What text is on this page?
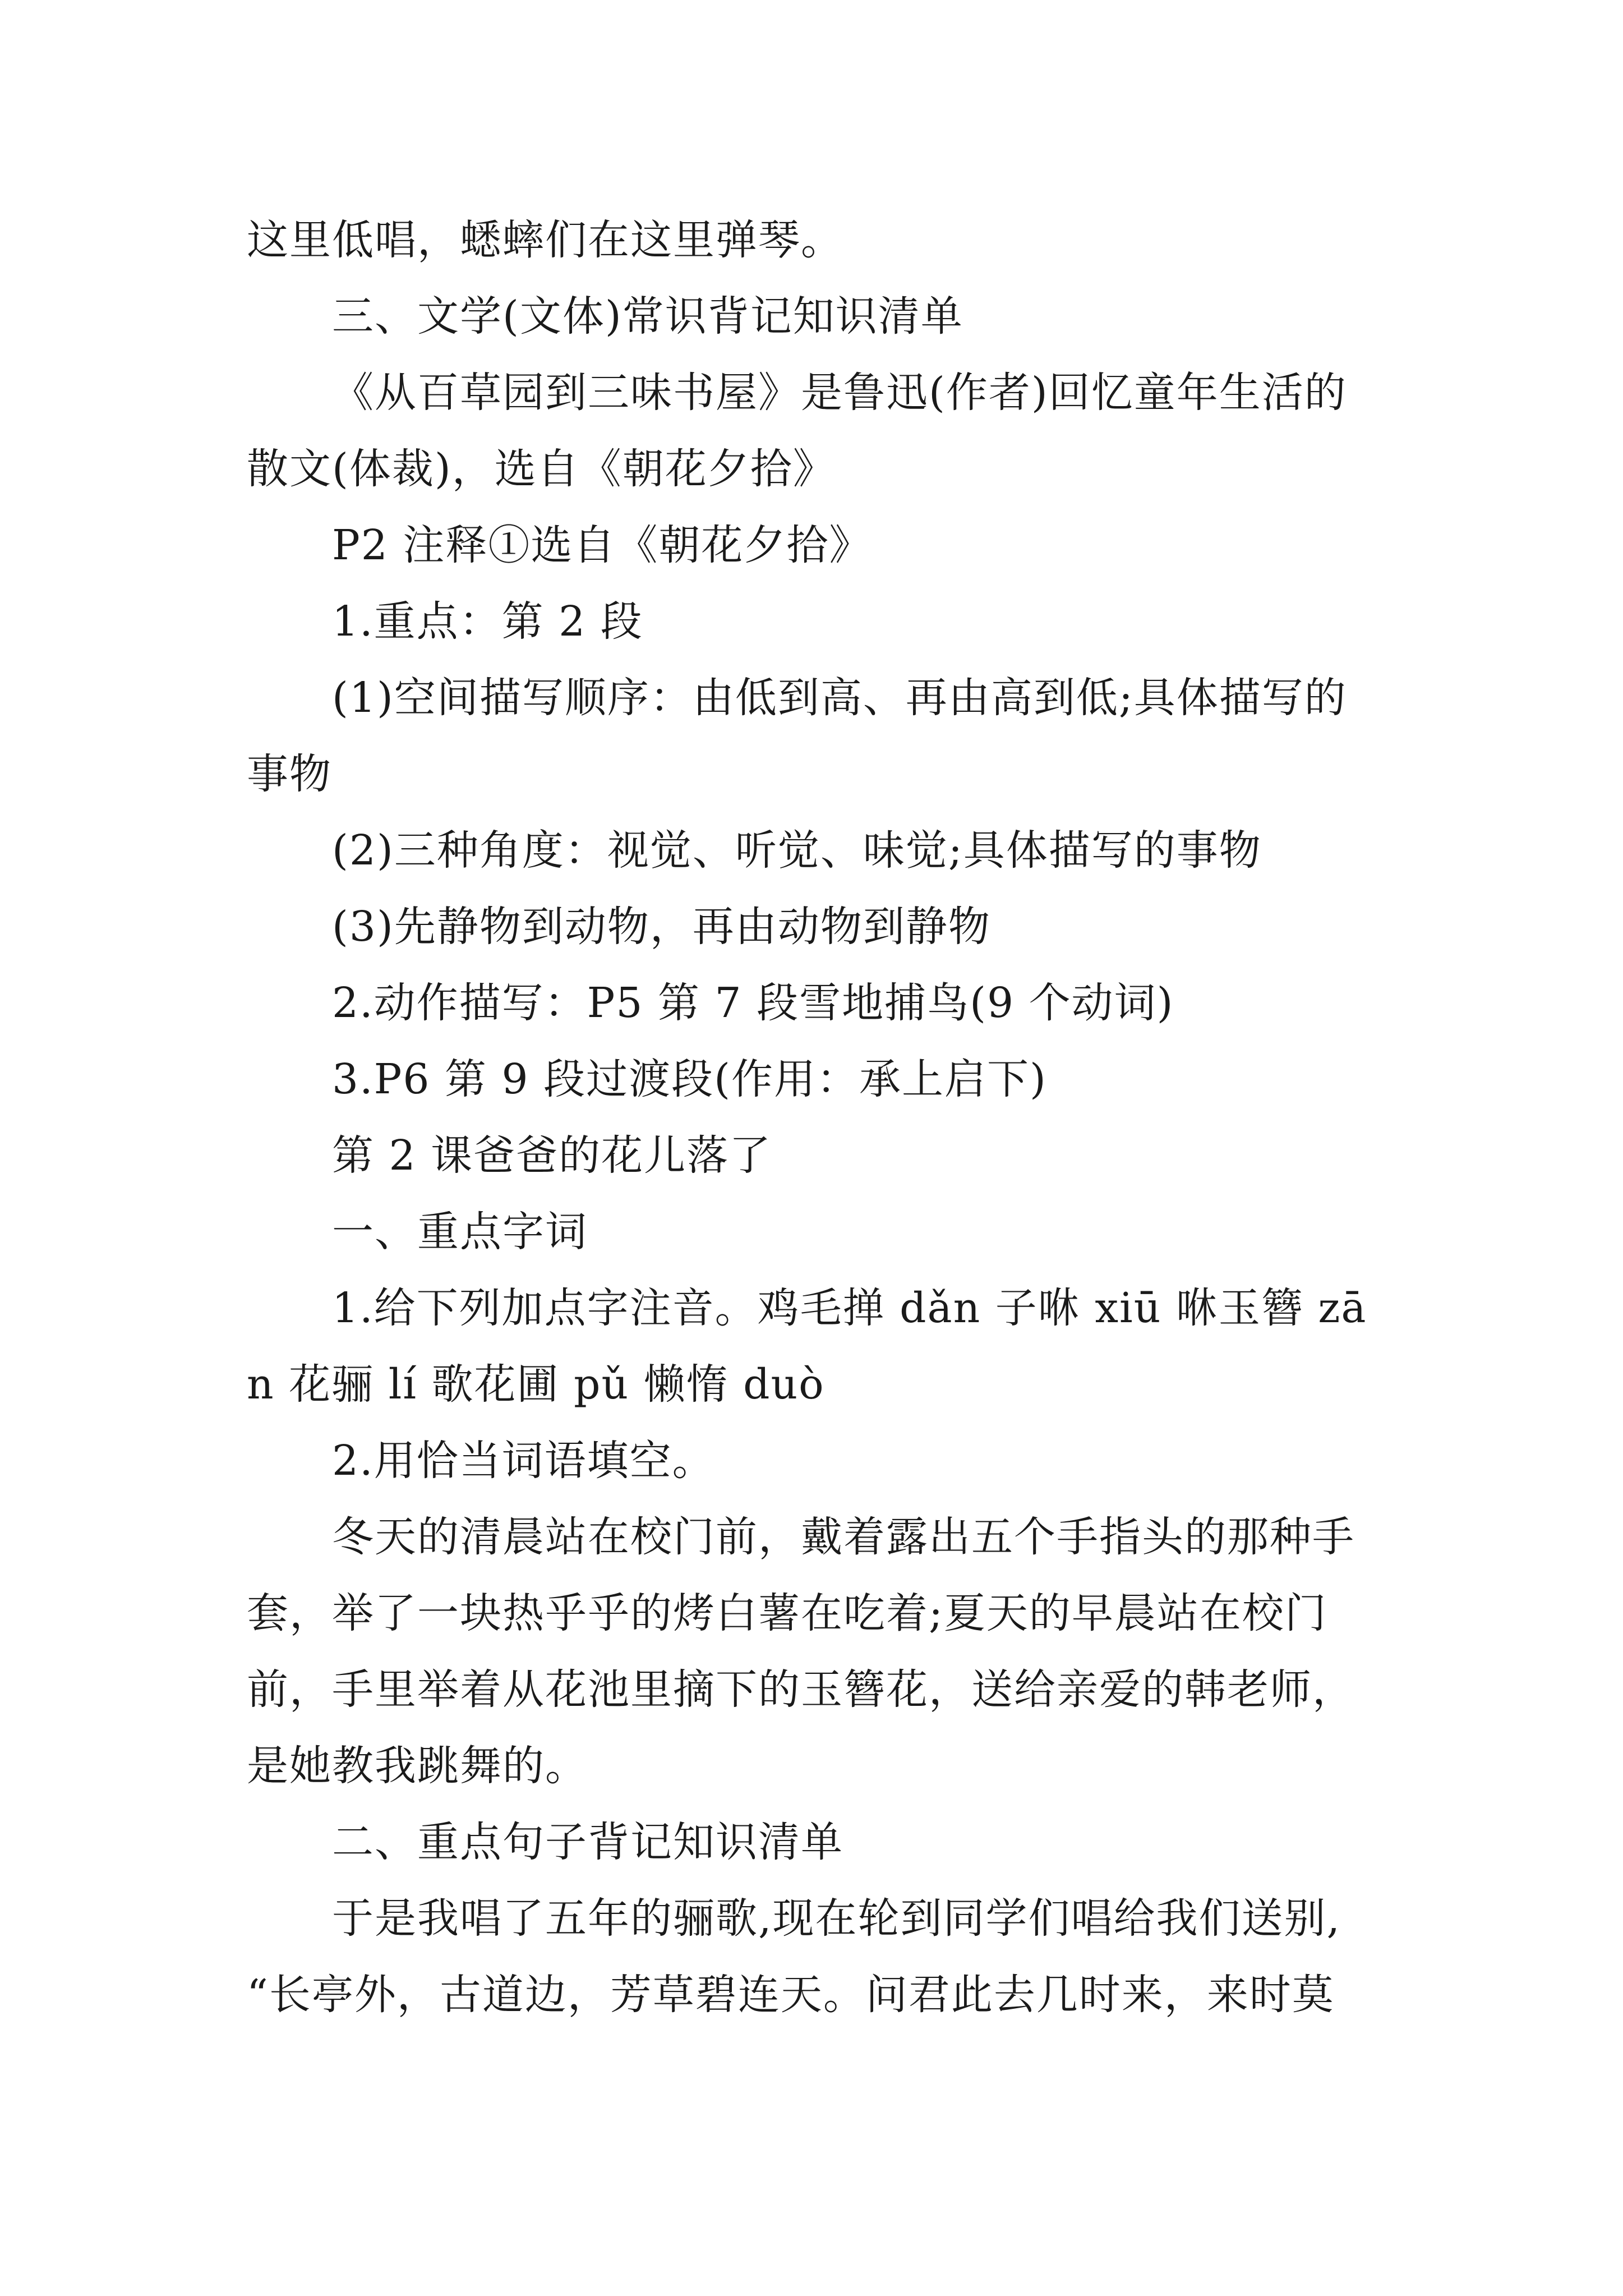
这里低唱，蟋蟀们在这里弹琴。
三、文学(文体)常识背记知识清单
《从百草园到三味书屋》是鲁迅(作者)回忆童年生活的
散文(体裁)，选自《朝花夕拾》
P2 注释①选自《朝花夕拾》
1.重点：第 2 段
(1)空间描写顺序：由低到高、再由高到低;具体描写的
事物
(2)三种角度：视觉、听觉、味觉;具体描写的事物
(3)先静物到动物，再由动物到静物
2.动作描写：P5 第 7 段雪地捕鸟(9 个动词)
3.P6 第 9 段过渡段(作用：承上启下)
第 2 课爸爸的花儿落了
一、重点字词
1.给下列加点字注音。鸡毛掸 dǎn 子咻 xiū 咻玉簪 zā
n 花骊 lí 歌花圃 pǔ 懒惰 duò
2.用恰当词语填空。
冬天的清晨站在校门前，戴着露出五个手指头的那种手
套，举了一块热乎乎的烤白薯在吃着;夏天的早晨站在校门
前，手里举着从花池里摘下的玉簪花，送给亲爱的韩老师，
是她教我跳舞的。
二、重点句子背记知识清单
于是我唱了五年的骊歌,现在轮到同学们唱给我们送别,
“长亭外，古道边，芳草碧连天。问君此去几时来，来时莫
